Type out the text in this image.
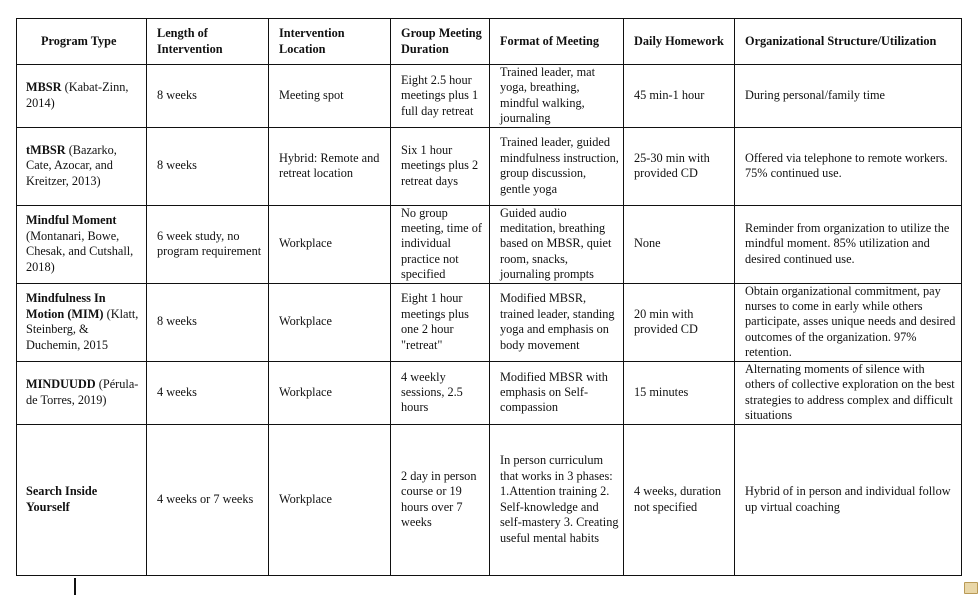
Program Type	Length of Intervention	Intervention Location	Group Meeting Duration	Format of Meeting	Daily Homework	Organizational Structure/Utilization
MBSR (Kabat-Zinn, 2014)	8 weeks	Meeting spot	Eight 2.5 hour meetings plus 1 full day retreat	Trained leader, mat yoga, breathing, mindful walking, journaling	45 min-1 hour	During personal/family time
tMBSR (Bazarko, Cate, Azocar, and Kreitzer, 2013)	8 weeks	Hybrid: Remote and retreat location	Six 1 hour meetings plus 2 retreat days	Trained leader, guided mindfulness instruction, group discussion, gentle yoga	25-30 min with provided CD	Offered via telephone to remote workers. 75% continued use.
Mindful Moment (Montanari, Bowe, Chesak, and Cutshall, 2018)	6 week study, no program requirement	Workplace	No group meeting, time of individual practice not specified	Guided audio meditation, breathing based on MBSR, quiet room, snacks, journaling prompts	None	Reminder from organization to utilize the mindful moment. 85% utilization and desired continued use.
Mindfulness In Motion (MIM) (Klatt, Steinberg, & Duchemin, 2015	8 weeks	Workplace	Eight 1 hour meetings plus one 2 hour "retreat"	Modified MBSR, trained leader, standing yoga and emphasis on body movement	20 min with provided CD	Obtain organizational commitment, pay nurses to come in early while others participate, asses unique needs and desired outcomes of the organization. 97% retention.
MINDUUDD (Pérula-de Torres, 2019)	4 weeks	Workplace	4 weekly sessions, 2.5 hours	Modified MBSR with emphasis on Self-compassion	15 minutes	Alternating moments of silence with others of collective exploration on the best strategies to address complex and difficult situations
Search Inside Yourself	4 weeks or 7 weeks	Workplace	2 day in person course or 19 hours over 7 weeks	In person curriculum that works in 3 phases: 1.Attention training 2. Self-knowledge and self-mastery 3. Creating useful mental habits	4 weeks, duration not specified	Hybrid of in person and individual follow up virtual coaching
